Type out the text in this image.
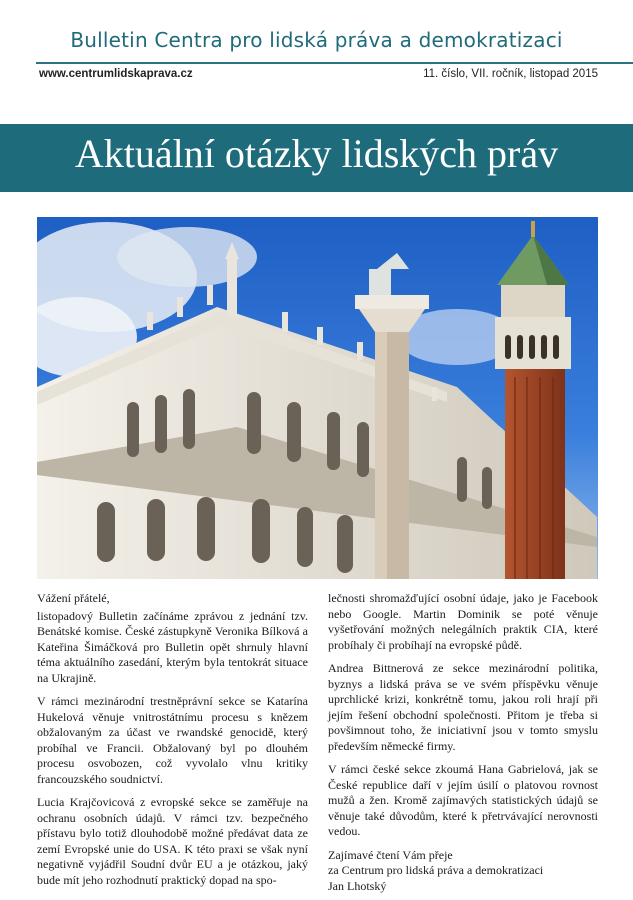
Bulletin Centra pro lidská práva a demokratizaci
www.centrumlidskaprava.cz	11. číslo, VII. ročník, listopad 2015
Aktuální otázky lidských práv

Vážení přátelé,

listopadový Bulletin začínáme zprávou z jednání tzv. Benátské komise. České zástupkyně Veronika Bílková a Kateřina Šimáčková pro Bulletin opět shrnuly hlavní téma aktuálního zasedání, kterým byla tentokrát situace na Ukrajině.

V rámci mezinárodní trestněprávní sekce se Katarína Hukelová věnuje vnitrostátnímu procesu s knězem obžalovaným za účast ve rwandské genocidě, který probíhal ve Francii. Obžalovaný byl po dlouhém procesu osvobozen, což vyvolalo vlnu kritiky francouzského soudnictví.

Lucia Krajčovicová z evropské sekce se zaměřuje na ochranu osobních údajů. V rámci tzv. bezpečného přístavu bylo totiž dlouhodobě možné předávat data ze zemí Evropské unie do USA. K této praxi se však nyní negativně vyjádřil Soudní dvůr EU a je otázkou, jaký bude mít jeho rozhodnutí praktický dopad na spo-

lečnosti shromažďující osobní údaje, jako je Facebook nebo Google. Martin Dominik se poté věnuje vyšetřování možných nelegálních praktik CIA, které probíhaly či probíhají na evropské půdě.

Andrea Bittnerová ze sekce mezinárodní politika, byznys a lidská práva se ve svém příspěvku věnuje uprchlické krizi, konkrétně tomu, jakou roli hrají při jejím řešení obchodní společnosti. Přitom je třeba si povšimnout toho, že iniciativní jsou v tomto smyslu především německé firmy.

V rámci české sekce zkoumá Hana Gabrielová, jak se České republice daří v jejím úsilí o platovou rovnost mužů a žen. Kromě zajímavých statistických údajů se věnuje také důvodům, které k přetrvávající nerovnosti vedou.

Zajímavé čtení Vám přeje
za Centrum pro lidská práva a demokratizaci
Jan Lhotský
